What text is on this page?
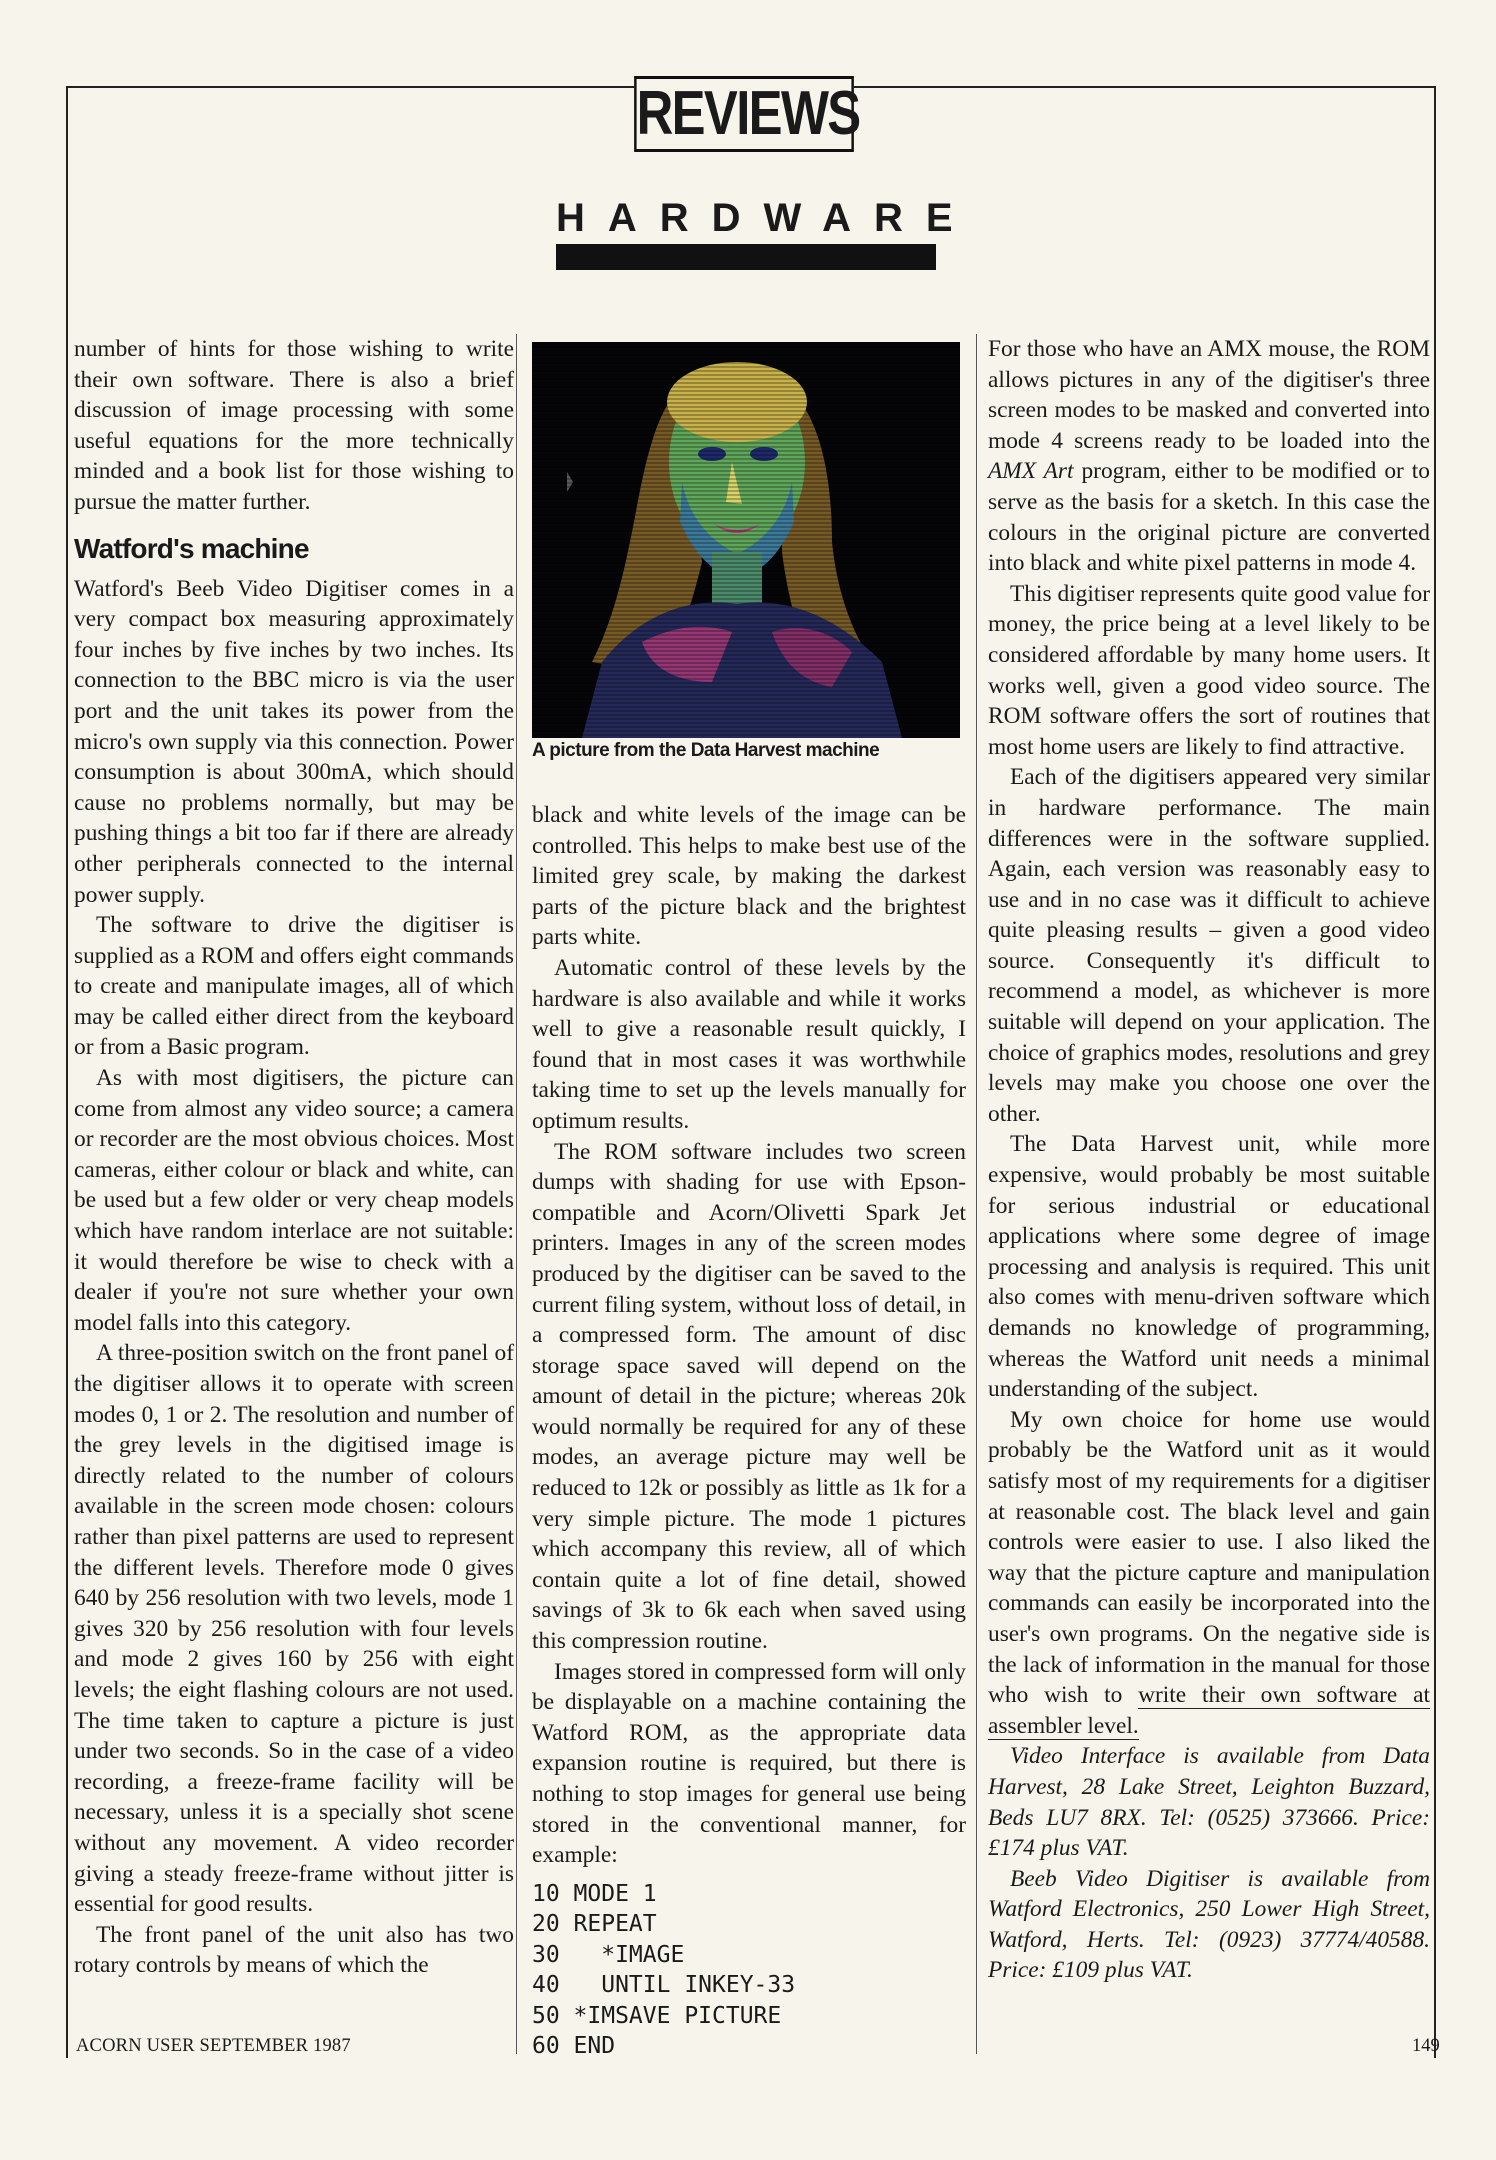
REVIEWS
HARDWARE

number of hints for those wishing to write their own software. There is also a brief discussion of image processing with some useful equations for the more technically minded and a book list for those wishing to pursue the matter further.

Watford's machine

Watford's Beeb Video Digitiser comes in a very compact box measuring approximately four inches by five inches by two inches. Its connection to the BBC micro is via the user port and the unit takes its power from the micro's own supply via this connection. Power consumption is about 300mA, which should cause no problems normally, but may be pushing things a bit too far if there are already other peripherals connected to the internal power supply.

The software to drive the digitiser is supplied as a ROM and offers eight commands to create and manipulate images, all of which may be called either direct from the keyboard or from a Basic program.

As with most digitisers, the picture can come from almost any video source; a camera or recorder are the most obvious choices. Most cameras, either colour or black and white, can be used but a few older or very cheap models which have random interlace are not suitable: it would therefore be wise to check with a dealer if you're not sure whether your own model falls into this category.

A three-position switch on the front panel of the digitiser allows it to operate with screen modes 0, 1 or 2. The resolution and number of the grey levels in the digitised image is directly related to the number of colours available in the screen mode chosen: colours rather than pixel patterns are used to represent the different levels. Therefore mode 0 gives 640 by 256 resolution with two levels, mode 1 gives 320 by 256 resolution with four levels and mode 2 gives 160 by 256 with eight levels; the eight flashing colours are not used. The time taken to capture a picture is just under two seconds. So in the case of a video recording, a freeze-frame facility will be necessary, unless it is a specially shot scene without any movement. A video recorder giving a steady freeze-frame without jitter is essential for good results.

The front panel of the unit also has two rotary controls by means of which the

A picture from the Data Harvest machine

black and white levels of the image can be controlled. This helps to make best use of the limited grey scale, by making the darkest parts of the picture black and the brightest parts white.

Automatic control of these levels by the hardware is also available and while it works well to give a reasonable result quickly, I found that in most cases it was worthwhile taking time to set up the levels manually for optimum results.

The ROM software includes two screen dumps with shading for use with Epson-compatible and Acorn/Olivetti Spark Jet printers. Images in any of the screen modes produced by the digitiser can be saved to the current filing system, without loss of detail, in a compressed form. The amount of disc storage space saved will depend on the amount of detail in the picture; whereas 20k would normally be required for any of these modes, an average picture may well be reduced to 12k or possibly as little as 1k for a very simple picture. The mode 1 pictures which accompany this review, all of which contain quite a lot of fine detail, showed savings of 3k to 6k each when saved using this compression routine.

Images stored in compressed form will only be displayable on a machine containing the Watford ROM, as the appropriate data expansion routine is required, but there is nothing to stop images for general use being stored in the conventional manner, for example:

10 MODE 1
20 REPEAT
30   *IMAGE
40   UNTIL INKEY-33
50 *IMSAVE PICTURE
60 END

For those who have an AMX mouse, the ROM allows pictures in any of the digitiser's three screen modes to be masked and converted into mode 4 screens ready to be loaded into the AMX Art program, either to be modified or to serve as the basis for a sketch. In this case the colours in the original picture are converted into black and white pixel patterns in mode 4.

This digitiser represents quite good value for money, the price being at a level likely to be considered affordable by many home users. It works well, given a good video source. The ROM software offers the sort of routines that most home users are likely to find attractive.

Each of the digitisers appeared very similar in hardware performance. The main differences were in the software supplied. Again, each version was reasonably easy to use and in no case was it difficult to achieve quite pleasing results – given a good video source. Consequently it's difficult to recommend a model, as whichever is more suitable will depend on your application. The choice of graphics modes, resolutions and grey levels may make you choose one over the other.

The Data Harvest unit, while more expensive, would probably be most suitable for serious industrial or educational applications where some degree of image processing and analysis is required. This unit also comes with menu-driven software which demands no knowledge of programming, whereas the Watford unit needs a minimal understanding of the subject.

My own choice for home use would probably be the Watford unit as it would satisfy most of my requirements for a digitiser at reasonable cost. The black level and gain controls were easier to use. I also liked the way that the picture capture and manipulation commands can easily be incorporated into the user's own programs. On the negative side is the lack of information in the manual for those who wish to write their own software at assembler level.

Video Interface is available from Data Harvest, 28 Lake Street, Leighton Buzzard, Beds LU7 8RX. Tel: (0525) 373666. Price: £174 plus VAT.

Beeb Video Digitiser is available from Watford Electronics, 250 Lower High Street, Watford, Herts. Tel: (0923) 37774/40588. Price: £109 plus VAT.

ACORN USER SEPTEMBER 1987	149
